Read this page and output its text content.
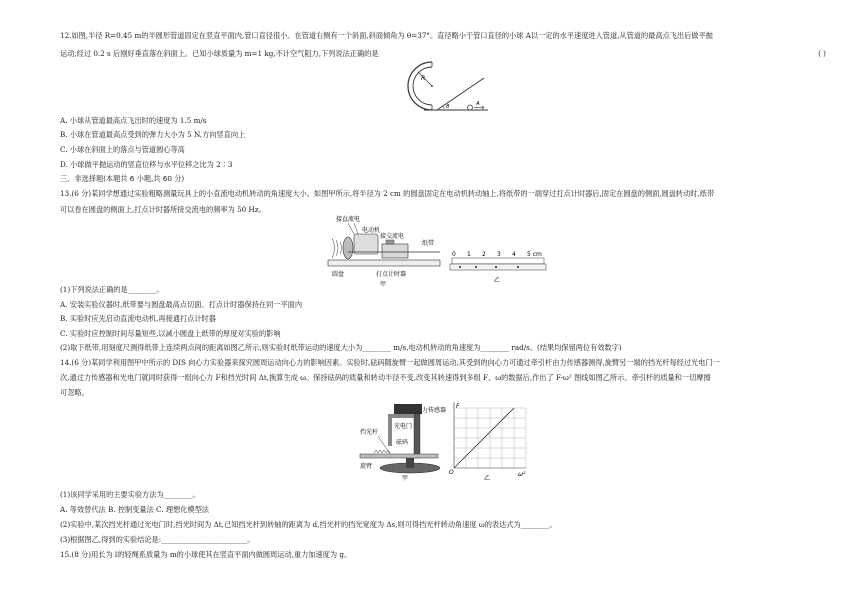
12.如图,半径 R=0.45 m的半圆形管道固定在竖直平面内,管口直径很小。在管道右侧有一个斜面,斜面倾角为 θ=37°。直径略小于管口直径的小球 A以一定的水平速度进入管道,从管道的最高点飞出后做平抛
运动,经过 0.2 s 后刚好垂直落在斜面上。已知小球质量为 m=1 kg,不计空气阻力,下列说法正确的是	( )
R
θ	A
A. 小球从管道最高点飞出时的速度为 1.5 m/s
B. 小球在管道最高点受到的弹力大小为 5 N,方向竖直向上
C. 小球在斜面上的落点与管道圆心等高
D. 小球做平抛运动的竖直位移与水平位移之比为 2∶3
三、非选择题(本题共 6 小题,共 60 分)
13.(6 分)某同学想通过实验粗略测量玩具上的小直流电动机转动的角速度大小。如图甲所示,将半径为 2 cm 的圆盘固定在电动机转动轴上,将纸带的一端穿过打点计时器后,固定在圆盘的侧面,圆盘转动时,纸带
可以卷在圆盘的侧面上,打点计时器所接交流电的频率为 50 Hz。
接直流电
电动机
接交流电
纸带
圆盘	打点计时器
甲
0 1 2 3 4 5 cm
乙
(1)下列说法正确的是________。
A. 安装实验仪器时,纸带要与圆盘最高点切面、打点计时器保持在同一平面内
B. 实验时应先启动直流电动机,再接通打点计时器
C. 实验时应控制时间尽量短些,以减小圆盘上纸带的厚度对实验的影响
(2)取下纸带,用刻度尺测得纸带上连续两点间的距离如图乙所示,则实验时纸带运动的速度大小为________ m/s,电动机转动的角速度为________ rad/s。(结果均保留两位有效数字)
14.(6 分)某同学利用图甲中所示的 DIS 向心力实验器来探究圆周运动向心力的影响因素。实验时,砝码随旋臂一起做圆周运动,其受到的向心力可通过牵引杆由力传感器测得,旋臂另一端的挡光杆每经过光电门一
次,通过力传感器和光电门就同时获得一组向心力 F和挡光时间 Δt,换算生成 ω。保持砝码的质量和转动半径不变,改变其转速得到多组 F、ω的数据后,作出了 F-ω² 图线如图乙所示。牵引杆的质量和一切摩擦
可忽略。
力传感器
光电门
砝码
挡光杆
旋臂
甲
F
O	ω²
乙
(1)该同学采用的主要实验方法为________。
A. 等效替代法 B. 控制变量法 C. 理想化模型法
(2)实验中,某次挡光杆通过光电门时,挡光时间为 Δt,已知挡光杆到转轴的距离为 d,挡光杆的挡光宽度为 Δs,则可得挡光杆转动角速度 ω的表达式为________。
(3)根据图乙,得到的实验结论是:________________________。
15.(8 分)用长为 l的轻绳系质量为 m的小球使其在竖直平面内做圆周运动,重力加速度为 g。
